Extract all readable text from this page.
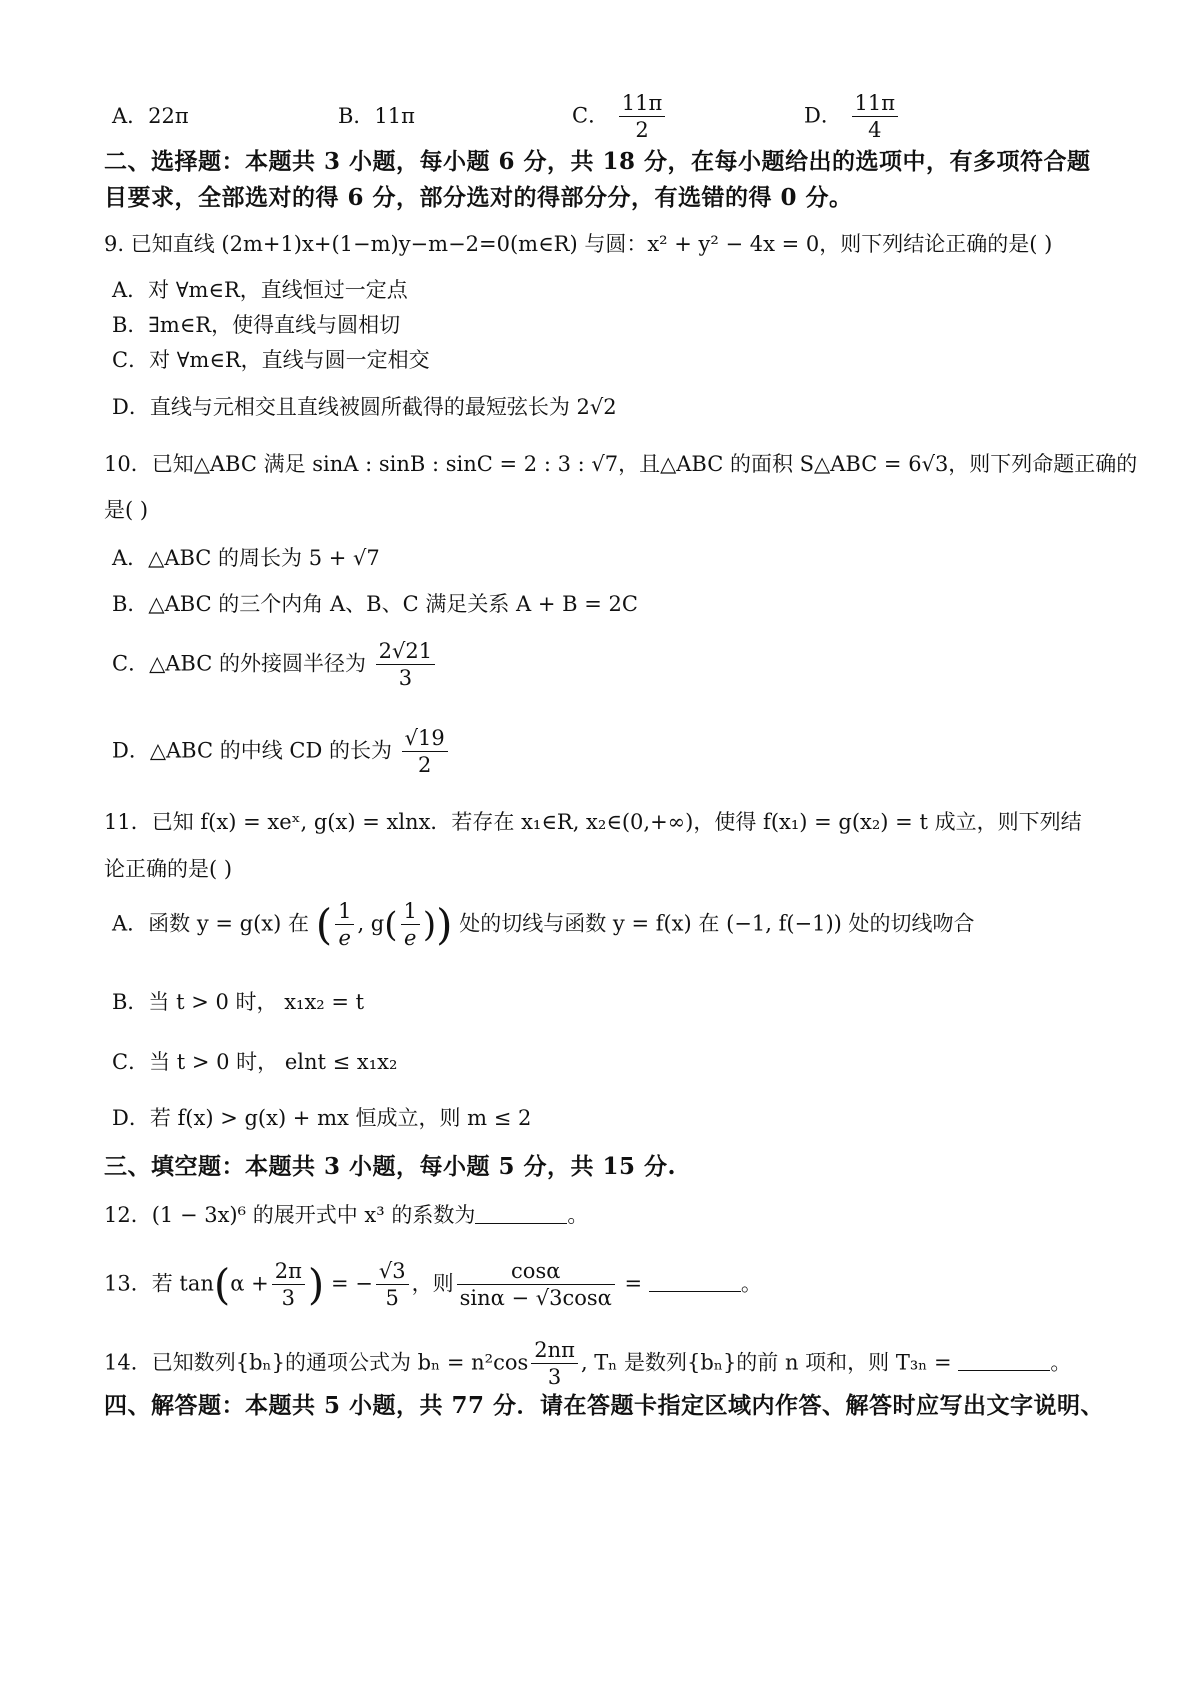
A．22π	B．11π	C． $\frac{11\pi}{2}$	D． $\frac{11\pi}{4}$
二、选择题：本题共 3 小题，每小题 6 分，共 18 分，在每小题给出的选项中，有多项符合题
目要求，全部选对的得 6 分，部分选对的得部分分，有选错的得 0 分。
9. 已知直线 (2m+1)x+(1−m)y−m−2=0(m∈R) 与圆：x² + y² − 4x = 0，则下列结论正确的是( )
A．对 ∀m∈R，直线恒过一定点
B．∃m∈R，使得直线与圆相切
C．对 ∀m∈R，直线与圆一定相交
D．直线与元相交且直线被圆所截得的最短弦长为 2√2
10．已知△ABC 满足 sinA : sinB : sinC = 2 : 3 : √7，且△ABC 的面积 S△ABC = 6√3，则下列命题正确的
是( )
A．△ABC 的周长为 5 + √7
B．△ABC 的三个内角 A、B、C 满足关系 A + B = 2C
C．△ABC 的外接圆半径为 $\frac{2√21}{3}$
D．△ABC 的中线 CD 的长为 $\frac{√19}{2}$
11．已知 f(x) = xeˣ, g(x) = xlnx．若存在 x₁∈R, x₂∈(0,+∞)，使得 f(x₁) = g(x₂) = t 成立，则下列结
论正确的是( )
A．函数 y = g(x) 在 ( $\frac{1}{e}$ , $g( \frac{1}{e}$ )) 处的切线与函数 y = f(x) 在 (−1, f(−1)) 处的切线吻合
B．当 t > 0 时， x₁x₂ = t
C．当 t > 0 时， elnt ≤ x₁x₂
D．若 f(x) > g(x) + mx 恒成立，则 m ≤ 2
三、填空题：本题共 3 小题，每小题 5 分，共 15 分.
12．(1 − 3x)⁶ 的展开式中 x³ 的系数为	。
13．若 $\tan(\alpha + \frac{2\pi}{3}$ ) = − $\frac{√3}{5}$ ，则 $\frac{\cos\alpha}{\sin\alpha - √3\cos\alpha}$ =	。
14．已知数列{bₙ}的通项公式为 $b_n = n^2\cos \frac{2n\pi}{3}$ , Tₙ 是数列{bₙ}的前 n 项和，则 T₃ₙ =	。
四、解答题：本题共 5 小题，共 77 分．请在答题卡指定区域内作答、解答时应写出文字说明、
